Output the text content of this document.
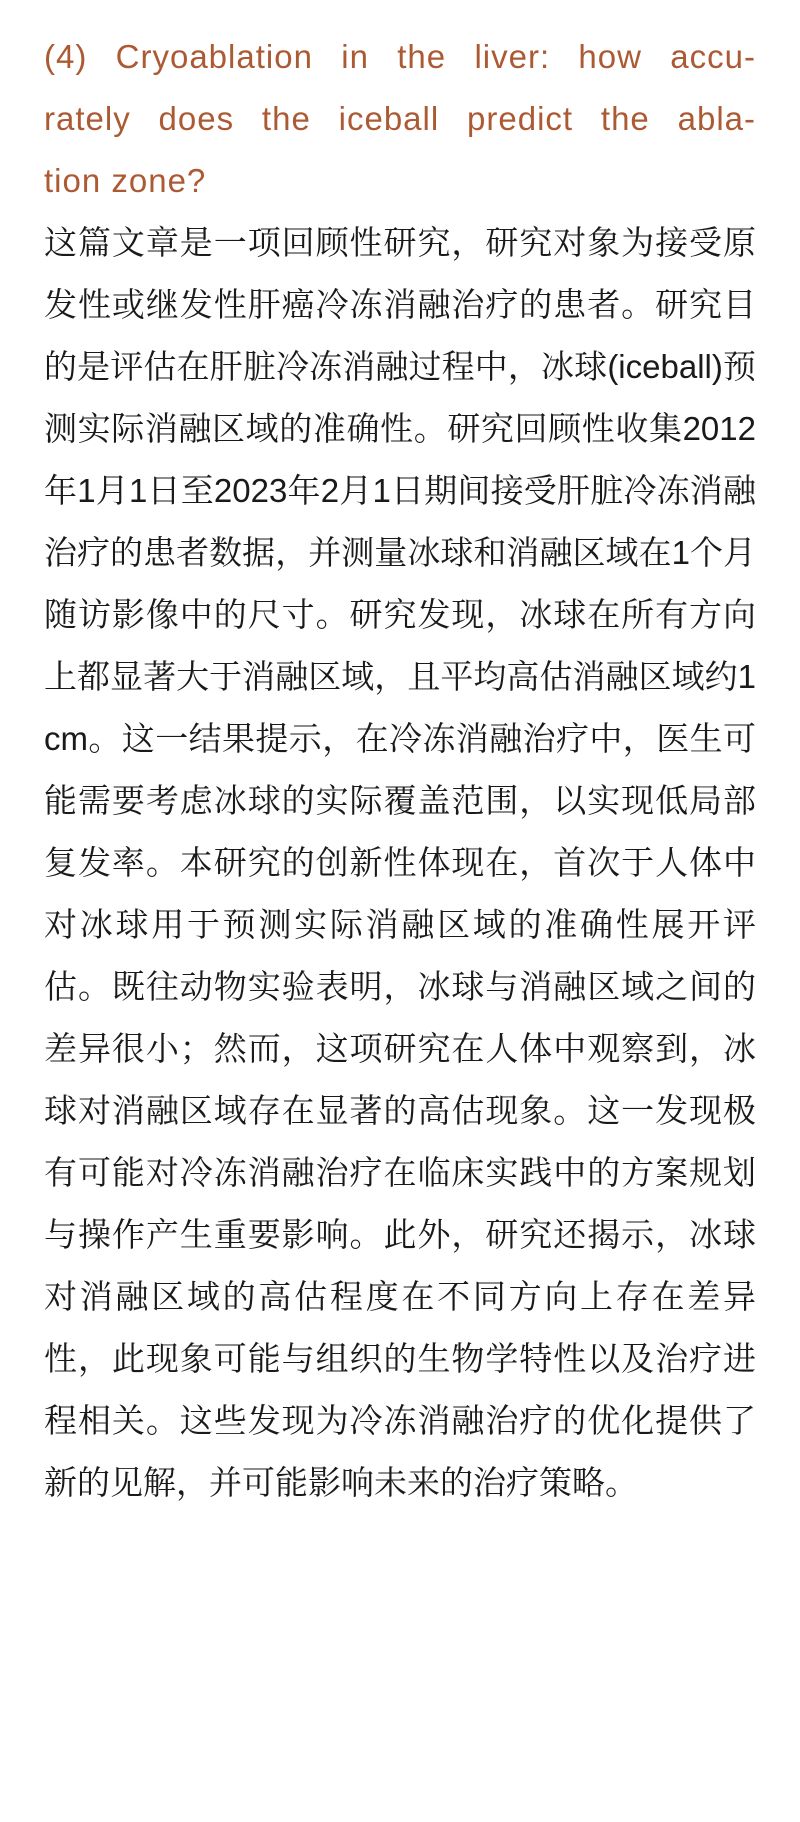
(4) Cryoablation in the liver: how accu-
rately does the iceball predict the abla-
tion zone?

这篇文章是一项回顾性研究，研究对象为接受原发性或继发性肝癌冷冻消融治疗的患者。研究目的是评估在肝脏冷冻消融过程中，冰球(iceball)预测实际消融区域的准确性。研究回顾性收集2012年1月1日至2023年2月1日期间接受肝脏冷冻消融治疗的患者数据，并测量冰球和消融区域在1个月随访影像中的尺寸。研究发现，冰球在所有方向上都显著大于消融区域，且平均高估消融区域约1cm。这一结果提示，在冷冻消融治疗中，医生可能需要考虑冰球的实际覆盖范围，以实现低局部复发率。本研究的创新性体现在，首次于人体中对冰球用于预测实际消融区域的准确性展开评估。既往动物实验表明，冰球与消融区域之间的差异很小；然而，这项研究在人体中观察到，冰球对消融区域存在显著的高估现象。这一发现极有可能对冷冻消融治疗在临床实践中的方案规划与操作产生重要影响。此外，研究还揭示，冰球对消融区域的高估程度在不同方向上存在差异性，此现象可能与组织的生物学特性以及治疗进程相关。这些发现为冷冻消融治疗的优化提供了新的见解，并可能影响未来的治疗策略。
